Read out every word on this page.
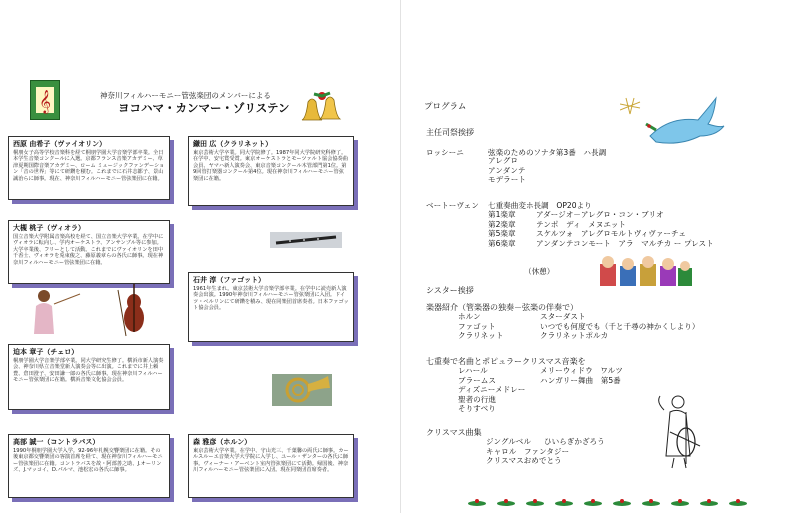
𝄞	神奈川フィルハーモニー管弦楽団のメンバーによる
ヨコハマ・カンマー・ゾリステン
西原 由希子（ヴァイオリン）
桐朋女子高等学校音楽科を経て桐朋学園大学音楽学部卒業。全日本学生音楽コンクールに入選。京都フランス音楽アカデミー、草津夏期国際音楽アカデミー、ローム ミュージックファンデーション「音の世界」等にて研鑽を積む。これまでに石井志都子、景山誠治らに師事。現在、神奈川フィルハーモニー管弦楽団に在籍。
大槻 桃子（ヴィオラ）
国立音楽大学附属音楽高校を経て、国立音楽大学卒業。在学中にヴィオラに転向し、学内オーケストラ、アンサンブル等に参加。大学卒業後、フリーとして活動。これまでにヴァイオリンを田中千香士、ヴィオラを兎束俊之、藤原義章らの各氏に師事。現在神奈川フィルハーモニー管弦楽団に在籍。
迫本 章子（チェロ）
桐朋学園大学音楽学部卒業。同大学研究生修了。横浜市新人演奏会、神奈川県立音楽堂新人演奏会等に出演。これまでに井上頼豊、倉田澄子、安田謙一郎の各氏に師事。現在神奈川フィルハーモニー管弦楽団に在籍。横浜音楽文化協会会員。
高部 誠一（コントラバス）
1990年桐朋学園大学入学。92-96年札幌交響楽団に在籍。その後東京都交響楽団の客演首席を経て、現在神奈川フィルハーモニー管弦楽団に在籍。コントラバスを故・阿部善之助、J.オーリンズ、J.マッコイ、D.パルマ、池松宏の各氏に師事。
鎌田 広（クラリネット）
東京芸術大学卒業。同大学院修了。1987年同大学院研究科修了。在学中、安宅賞受賞。東京オーケストラとモーツァルト協会協奏曲会員、ヤマハ新人演奏会、東京音楽コンクール木管部門第1位。第9回管打楽器コンクール第4位。現在神奈川フィルハーモニー管弦楽団に在籍。
石井 淳（ファゴット）
1961年生まれ。東京芸術大学音楽学部卒業。在学中に読売新人演奏会出演。1990年神奈川フィルハーモニー管弦楽団に入団。ドイツ・ベルリンにて研鑽を積み、現在同楽団首席奏者。日本ファゴット協会会員。
森 雅彦（ホルン）
東京芸術大学卒業。在学中、守山光三、千葉馨の両氏に師事。カールスルーエ音楽大学大学院に入学し、ユール・ザンターの各氏に師事。ヴィーナー・アーベント室内管弦楽団にて活動。帰国後、神奈川フィルハーモニー管弦楽団に入団。現在同楽団首席奏者。
プログラム
主任司祭挨拶
ロッシーニ	弦楽のためのソナタ第3番　ハ長調
アレグロ
アンダンテ
モデラート
ベートーヴェン 七重奏曲変ホ長調　OP20より
第1楽章	アダージオ－アレグロ・コン・ブリオ
第2楽章	テンポ　ディ　メヌエット
第5楽章	スケルツォ　アレグロモルトヴィヴァーチェ
第6楽章	アンダンテコンモート　アラ　マルチカ ー プレスト
（休憩）
シスター挨拶
楽器紹介（管楽器の独奏－弦楽の伴奏で）
ホルン	スターダスト
ファゴット	いつでも何度でも（千と千尋の神かくしより）
クラリネット	クラリネットポルカ
七重奏で名曲とポピュラークリスマス音楽を
レハール	メリーウィドウ　ワルツ
ブラームス	ハンガリー舞曲　第5番
ディズニーメドレー
聖者の行進
そりすべり
クリスマス曲集
ジングルベル ひいらぎかざろう
キャロル　ファンタジー
クリスマスおめでとう
